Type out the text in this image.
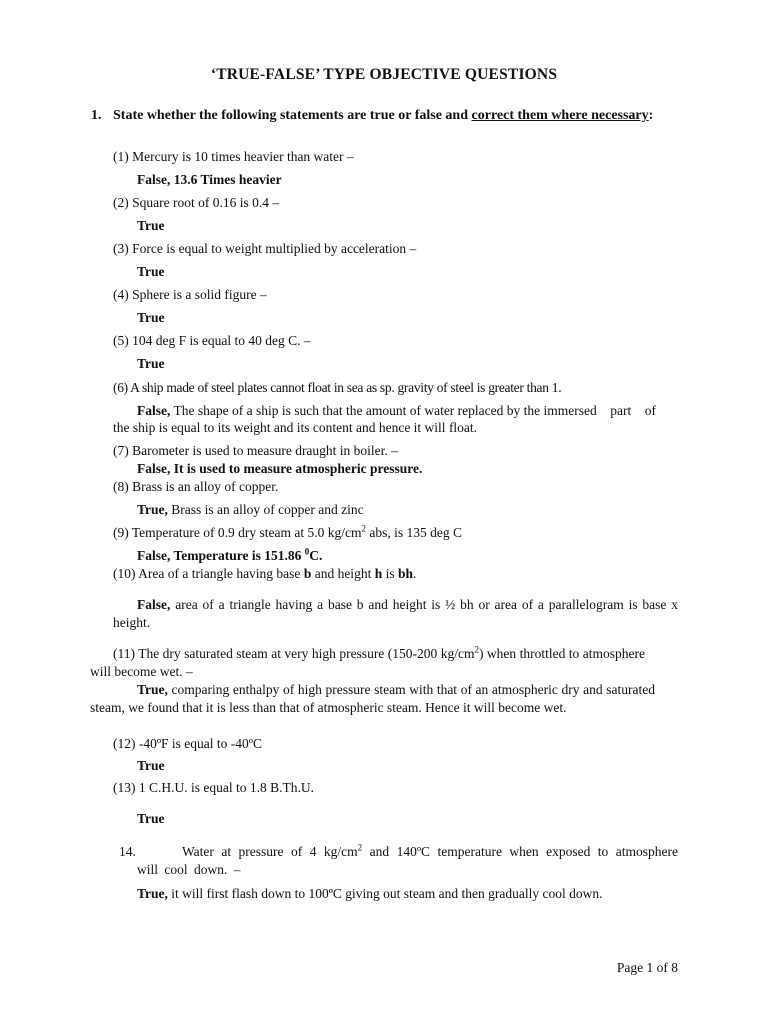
‘TRUE-FALSE’ TYPE OBJECTIVE QUESTIONS
1. State whether the following statements are true or false and correct them where necessary:
(1) Mercury is 10 times heavier than water –
False, 13.6 Times heavier
(2) Square root of 0.16 is 0.4 –
True
(3) Force is equal to weight multiplied by acceleration –
True
(4) Sphere is a solid figure –
True
(5) 104 deg F is equal to 40 deg C. –
True
(6) A ship made of steel plates cannot float in sea as sp. gravity of steel is greater than 1.
False, The shape of a ship is such that the amount of water replaced by the immersed    part    of
the ship is equal to its weight and its content and hence it will float.
(7) Barometer is used to measure draught in boiler. –
False, It is used to measure atmospheric pressure.
(8) Brass is an alloy of copper.
True, Brass is an alloy of copper and zinc
(9) Temperature of 0.9 dry steam at 5.0 $kg/cm^2$ abs, is 135 deg C
False, Temperature is 151.86 $^0$C.
(10) Area of a triangle having base b and height h is bh.
False, area of a triangle having a base b and height is ½ bh or area of a parallelogram is base x height.
(11) The dry saturated steam at very high pressure (150-200 $kg/cm^2$) when throttled to atmosphere will become wet. –
True, comparing enthalpy of high pressure steam with that of an atmospheric dry and saturated steam, we found that it is less than that of atmospheric steam. Hence it will become wet.
(12) -40ºF is equal to -40ºC
True
(13) 1 C.H.U. is equal to 1.8 B.Th.U.
True
14.	Water at pressure of 4 $kg/cm^2$ and 140ºC temperature when exposed to atmosphere will cool down. –
True, it will first flash down to 100ºC giving out steam and then gradually cool down.
Page 1 of 8
